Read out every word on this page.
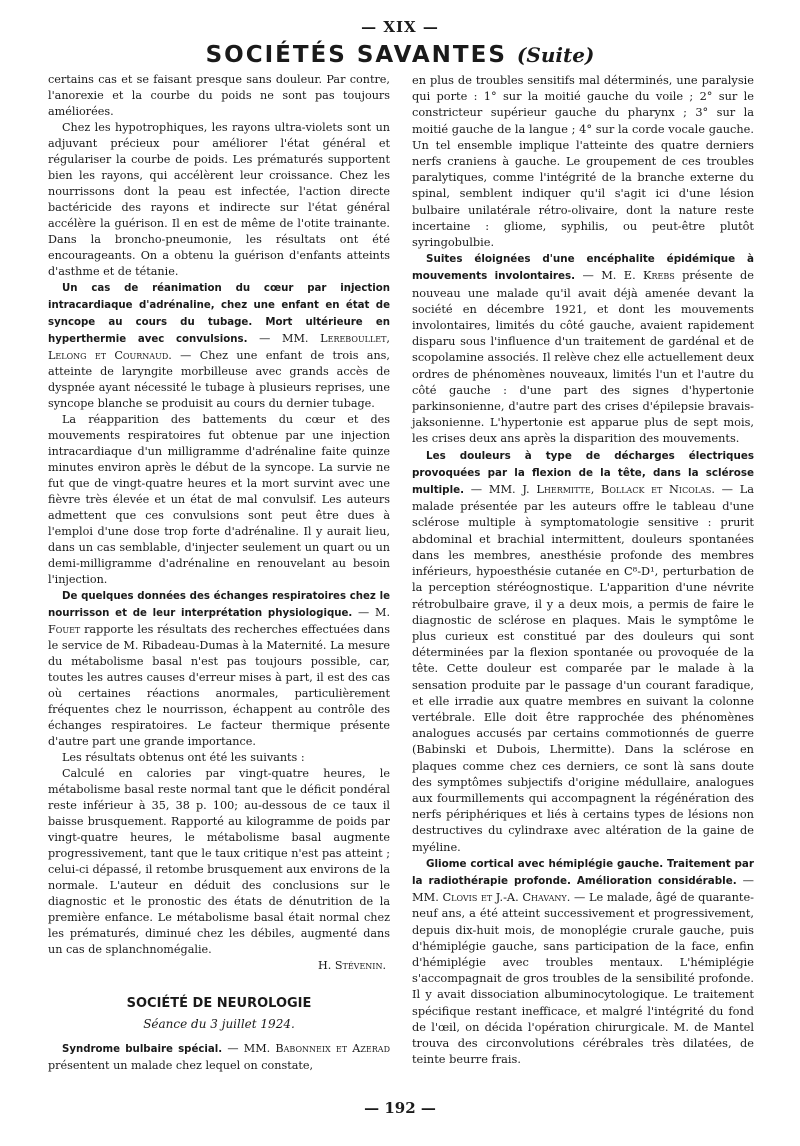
— XIX —
SOCIÉTÉS SAVANTES (Suite)

certains cas et se faisant presque sans douleur. Par contre, l'anorexie et la courbe du poids ne sont pas toujours améliorées.

Chez les hypotrophiques, les rayons ultra-violets sont un adjuvant précieux pour améliorer l'état général et régulariser la courbe de poids. Les prématurés supportent bien les rayons, qui accélèrent leur croissance. Chez les nourrissons dont la peau est infectée, l'action directe bactéricide des rayons et indirecte sur l'état général accélère la guérison. Il en est de même de l'otite trainante. Dans la broncho-pneumonie, les résultats ont été encourageants. On a obtenu la guérison d'enfants atteints d'asthme et de tétanie.

Un cas de réanimation du cœur par injection intracardiaque d'adrénaline, chez une enfant en état de syncope au cours du tubage. Mort ultérieure en hyperthermie avec convulsions. — MM. Lereboullet, Lelong et Cournaud. — Chez une enfant de trois ans, atteinte de laryngite morbilleuse avec grands accès de dyspnée ayant nécessité le tubage à plusieurs reprises, une syncope blanche se produisit au cours du dernier tubage.

La réapparition des battements du cœur et des mouvements respiratoires fut obtenue par une injection intracardiaque d'un milligramme d'adrénaline faite quinze minutes environ après le début de la syncope. La survie ne fut que de vingt-quatre heures et la mort survint avec une fièvre très élevée et un état de mal convulsif. Les auteurs admettent que ces convulsions sont peut être dues à l'emploi d'une dose trop forte d'adrénaline. Il y aurait lieu, dans un cas semblable, d'injecter seulement un quart ou un demi-milligramme d'adrénaline en renouvelant au besoin l'injection.

De quelques données des échanges respiratoires chez le nourrisson et de leur interprétation physiologique. — M. Fouet rapporte les résultats des recherches effectuées dans le service de M. Ribadeau-Dumas à la Maternité. La mesure du métabolisme basal n'est pas toujours possible, car, toutes les autres causes d'erreur mises à part, il est des cas où certaines réactions anormales, particulièrement fréquentes chez le nourrisson, échappent au contrôle des échanges respiratoires. Le facteur thermique présente d'autre part une grande importance.

Les résultats obtenus ont été les suivants :

Calculé en calories par vingt-quatre heures, le métabolisme basal reste normal tant que le déficit pondéral reste inférieur à 35, 38 p. 100; au-dessous de ce taux il baisse brusquement. Rapporté au kilogramme de poids par vingt-quatre heures, le métabolisme basal augmente progressivement, tant que le taux critique n'est pas atteint ; celui-ci dépassé, il retombe brusquement aux environs de la normale. L'auteur en déduit des conclusions sur le diagnostic et le pronostic des états de dénutrition de la première enfance. Le métabolisme basal était normal chez les prématurés, diminué chez les débiles, augmenté dans un cas de splanchnomégalie.

H. Stévenin.

SOCIÉTÉ DE NEUROLOGIE
Séance du 3 juillet 1924.

Syndrome bulbaire spécial. — MM. Babonneix et Azerad présentent un malade chez lequel on constate,

en plus de troubles sensitifs mal déterminés, une paralysie qui porte : 1° sur la moitié gauche du voile ; 2° sur le constricteur supérieur gauche du pharynx ; 3° sur la moitié gauche de la langue ; 4° sur la corde vocale gauche. Un tel ensemble implique l'atteinte des quatre derniers nerfs craniens à gauche. Le groupement de ces troubles paralytiques, comme l'intégrité de la branche externe du spinal, semblent indiquer qu'il s'agit ici d'une lésion bulbaire unilatérale rétro-olivaire, dont la nature reste incertaine : gliome, syphilis, ou peut-être plutôt syringobulbie.

Suites éloignées d'une encéphalite épidémique à mouvements involontaires. — M. E. Krebs présente de nouveau une malade qu'il avait déjà amenée devant la société en décembre 1921, et dont les mouvements involontaires, limités du côté gauche, avaient rapidement disparu sous l'influence d'un traitement de gardénal et de scopolamine associés. Il relève chez elle actuellement deux ordres de phénomènes nouveaux, limités l'un et l'autre du côté gauche : d'une part des signes d'hypertonie parkinsonienne, d'autre part des crises d'épilepsie bravais-jaksonienne. L'hypertonie est apparue plus de sept mois, les crises deux ans après la disparition des mouvements.

Les douleurs à type de décharges électriques provoquées par la flexion de la tête, dans la sclérose multiple. — MM. J. Lhermitte, Bollack et Nicolas. — La malade présentée par les auteurs offre le tableau d'une sclérose multiple à symptomatologie sensitive : prurit abdominal et brachial intermittent, douleurs spontanées dans les membres, anesthésie profonde des membres inférieurs, hypoesthésie cutanée en C⁸-D¹, perturbation de la perception stéréognostique. L'apparition d'une névrite rétrobulbaire grave, il y a deux mois, a permis de faire le diagnostic de sclérose en plaques. Mais le symptôme le plus curieux est constitué par des douleurs qui sont déterminées par la flexion spontanée ou provoquée de la tête. Cette douleur est comparée par le malade à la sensation produite par le passage d'un courant faradique, et elle irradie aux quatre membres en suivant la colonne vertébrale. Elle doit être rapprochée des phénomènes analogues accusés par certains commotionnés de guerre (Babinski et Dubois, Lhermitte). Dans la sclérose en plaques comme chez ces derniers, ce sont là sans doute des symptômes subjectifs d'origine médullaire, analogues aux fourmillements qui accompagnent la régénération des nerfs périphériques et liés à certains types de lésions non destructives du cylindraxe avec altération de la gaine de myéline.

Gliome cortical avec hémiplégie gauche. Traitement par la radiothérapie profonde. Amélioration considérable. — MM. Clovis et J.-A. Chavany. — Le malade, âgé de quarante-neuf ans, a été atteint successivement et progressivement, depuis dix-huit mois, de monoplégie crurale gauche, puis d'hémiplégie gauche, sans participation de la face, enfin d'hémiplégie avec troubles mentaux. L'hémiplégie s'accompagnait de gros troubles de la sensibilité profonde. Il y avait dissociation albuminocytologique. Le traitement spécifique restant inefficace, et malgré l'intégrité du fond de l'œil, on décida l'opération chirurgicale. M. de Mantel trouva des circonvolutions cérébrales très dilatées, de teinte beurre frais.

— 192 —
